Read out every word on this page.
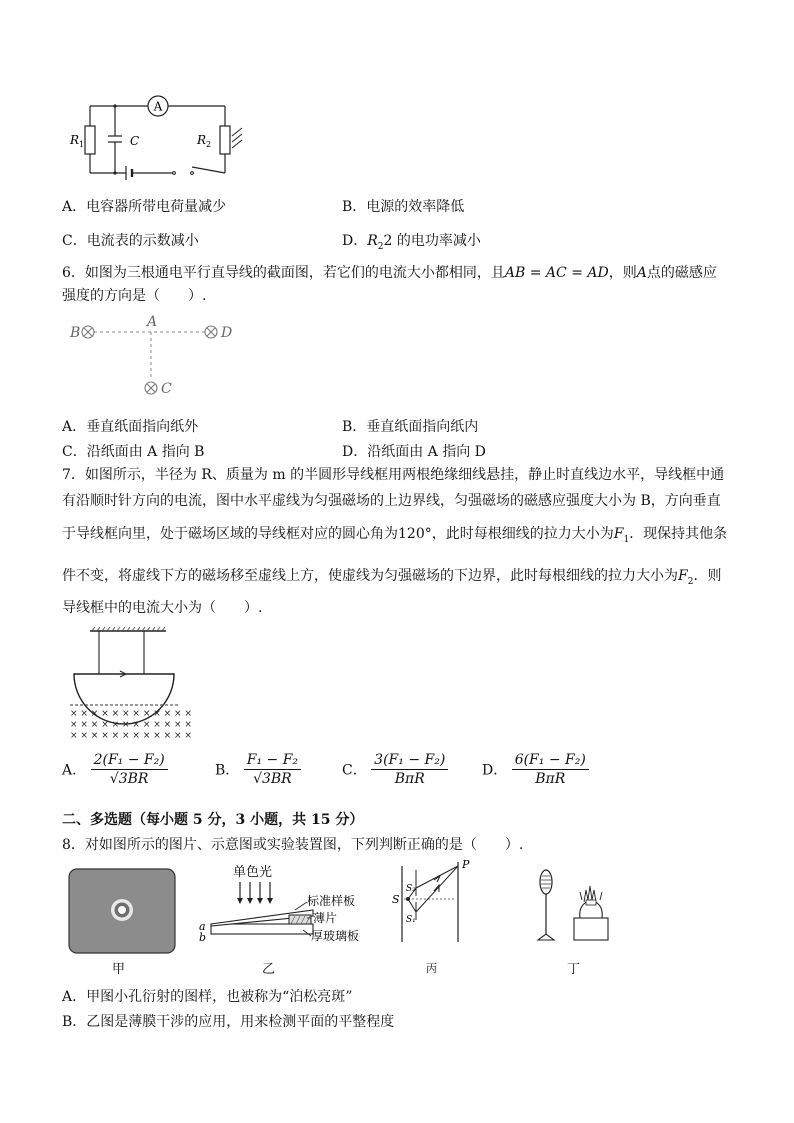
A
$R_1$	C	$R_2$
A．电容器所带电荷量减少	B．电源的效率降低
C．电流表的示数减小	D．$R_22$ 的电功率减小
6．如图为三根通电平行直导线的截面图，若它们的电流大小都相同，且AB = AC = AD，则A点的磁感应
强度的方向是（　　）.
B
A
D
C
A．垂直纸面指向纸外	B．垂直纸面指向纸内
C．沿纸面由 A 指向 B	D．沿纸面由 A 指向 D
7．如图所示，半径为 R、质量为 m 的半圆形导线框用两根绝缘细线悬挂，静止时直线边水平，导线框中通
有沿顺时针方向的电流，图中水平虚线为匀强磁场的上边界线，匀强磁场的磁感应强度大小为 B，方向垂直
于导线框向里，处于磁场区域的导线框对应的圆心角为120°，此时每根细线的拉力大小为$F_1$．现保持其他条
件不变，将虚线下方的磁场移至虚线上方，使虚线为匀强磁场的下边界，此时每根细线的拉力大小为$F_2$．则
导线框中的电流大小为（　　）.
× × × × × × × × × × × ×
× × × × × × × × × × × ×
× × × × × × × × × × × ×
A． $\frac{\text{2(F₁ − F₂)}}{√3BR}$	B． $\frac{\text{F₁ − F₂}}{√3BR}$	C． $\frac{\text{3(F₁ − F₂)}}{\text{BπR}}$ D． $\frac{\text{6(F₁ − F₂)}}{\text{BπR}}$
二、多选题（每小题 5 分，3 小题，共 15 分）
8．对如图所示的图片、示意图或实验装置图，下列判断正确的是（　　）.
甲
单色光
标准样板
薄片
厚玻璃板
a
b
乙
P
S
S₂
S₁
丙	丁
A．甲图小孔衍射的图样，也被称为“泊松亮斑”
B．乙图是薄膜干涉的应用，用来检测平面的平整程度
